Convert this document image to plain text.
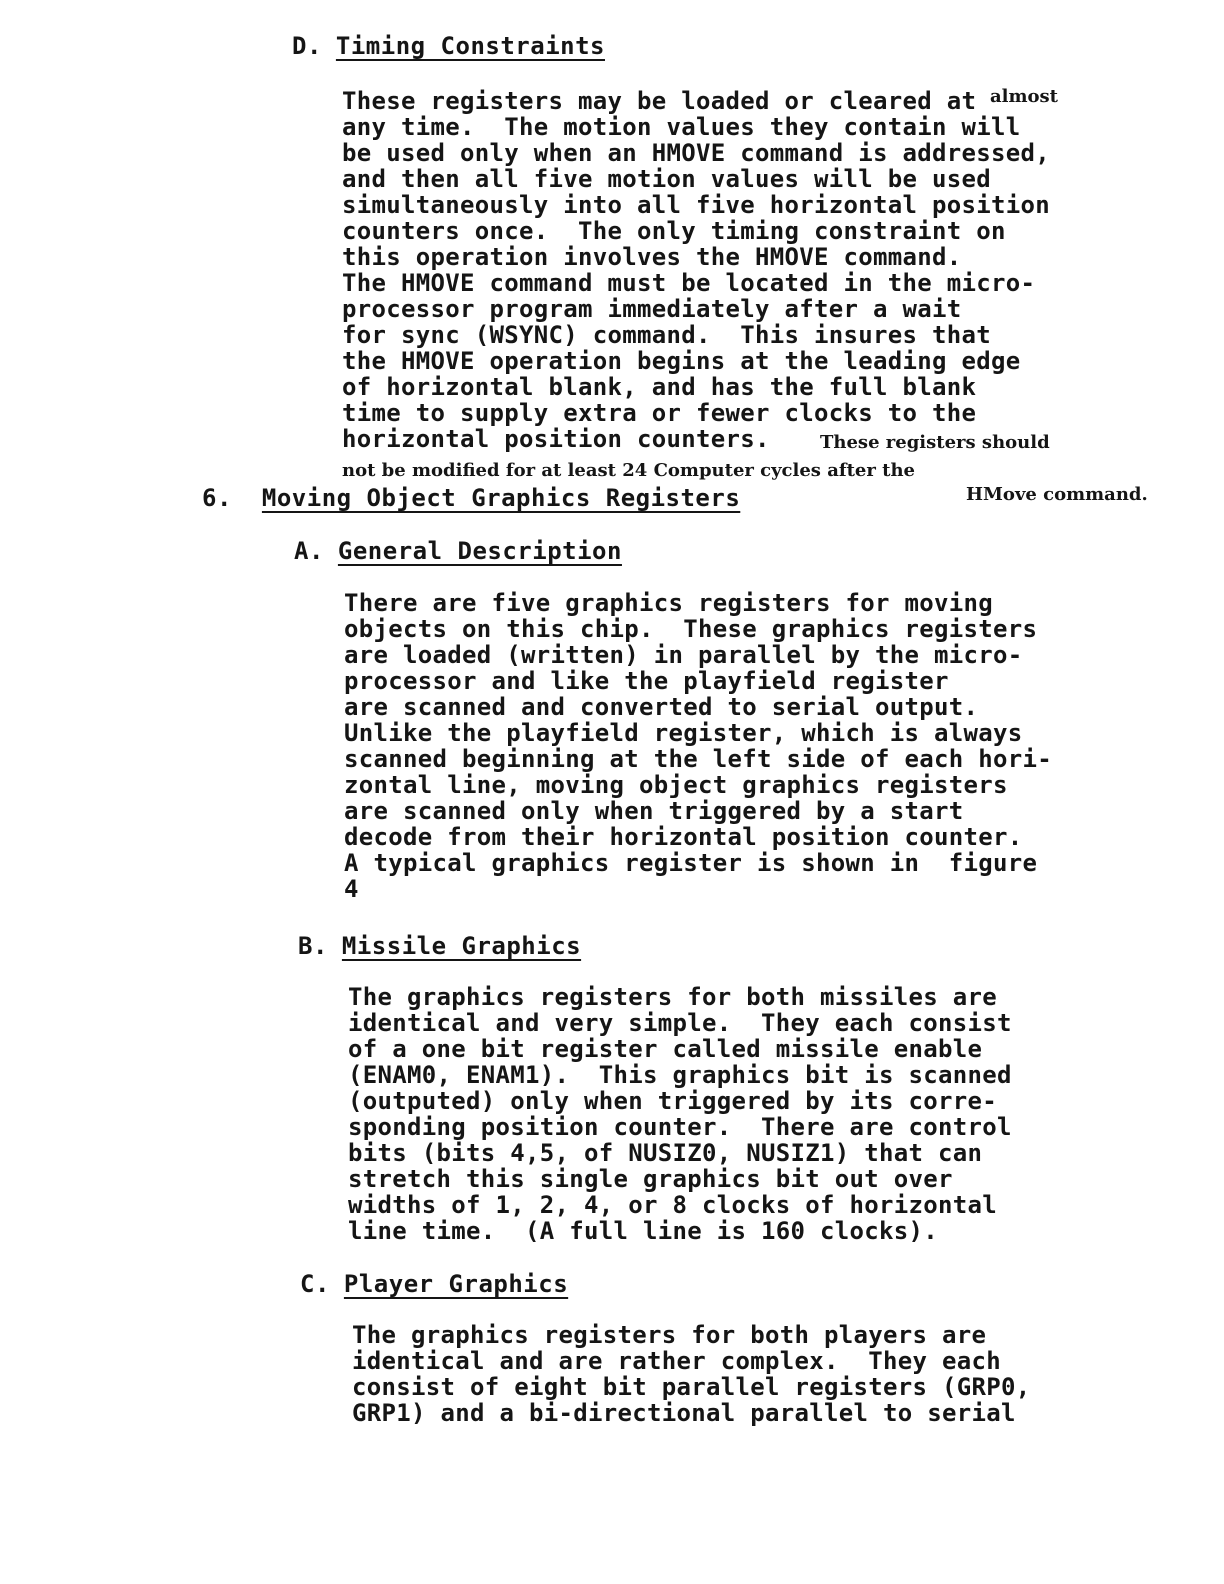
D. Timing Constraints
These registers may be loaded or cleared at
any time.  The motion values they contain will
be used only when an HMOVE command is addressed,
and then all five motion values will be used
simultaneously into all five horizontal position
counters once.  The only timing constraint on
this operation involves the HMOVE command.
The HMOVE command must be located in the micro-
processor program immediately after a wait
for sync (WSYNC) command.  This insures that
the HMOVE operation begins at the leading edge
of horizontal blank, and has the full blank
time to supply extra or fewer clocks to the
horizontal position counters.
almost
These registers should
not be modified for at least 24 Computer cycles after the
6. Moving Object Graphics Registers	HMove command.
A. General Description
There are five graphics registers for moving
objects on this chip.  These graphics registers
are loaded (written) in parallel by the micro-
processor and like the playfield register
are scanned and converted to serial output.
Unlike the playfield register, which is always
scanned beginning at the left side of each hori-
zontal line, moving object graphics registers
are scanned only when triggered by a start
decode from their horizontal position counter.
A typical graphics register is shown in  figure
4
B. Missile Graphics
The graphics registers for both missiles are
identical and very simple.  They each consist
of a one bit register called missile enable
(ENAM0, ENAM1).  This graphics bit is scanned
(outputed) only when triggered by its corre-
sponding position counter.  There are control
bits (bits 4,5, of NUSIZ0, NUSIZ1) that can
stretch this single graphics bit out over
widths of 1, 2, 4, or 8 clocks of horizontal
line time.  (A full line is 160 clocks).
C. Player Graphics
The graphics registers for both players are
identical and are rather complex.  They each
consist of eight bit parallel registers (GRP0,
GRP1) and a bi-directional parallel to serial
